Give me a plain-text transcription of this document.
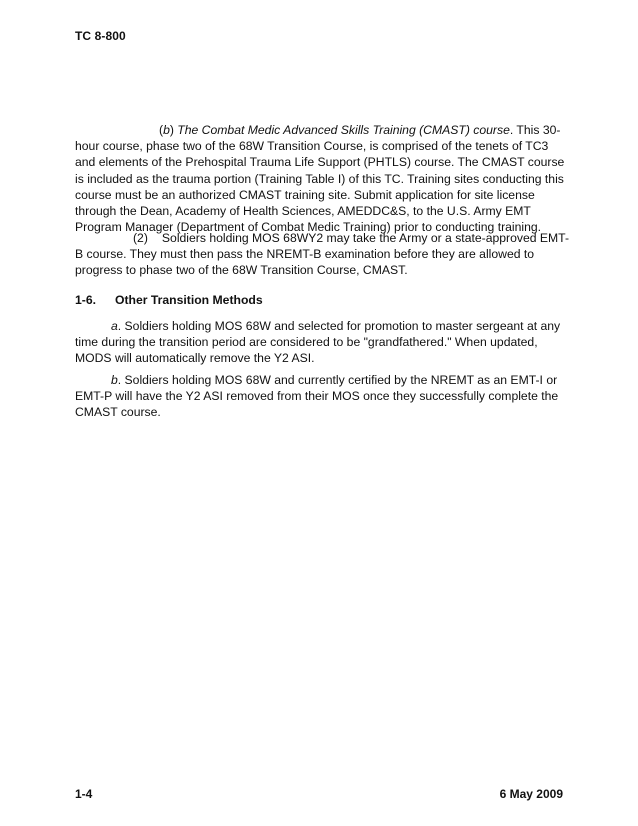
TC 8-800

(b) The Combat Medic Advanced Skills Training (CMAST) course. This 30-hour course, phase two of the 68W Transition Course, is comprised of the tenets of TC3 and elements of the Prehospital Trauma Life Support (PHTLS) course. The CMAST course is included as the trauma portion (Training Table I) of this TC. Training sites conducting this course must be an authorized CMAST training site. Submit application for site license through the Dean, Academy of Health Sciences, AMEDDC&S, to the U.S. Army EMT Program Manager (Department of Combat Medic Training) prior to conducting training.

(2) Soldiers holding MOS 68WY2 may take the Army or a state-approved EMT-B course. They must then pass the NREMT-B examination before they are allowed to progress to phase two of the 68W Transition Course, CMAST.

1-6. Other Transition Methods

a. Soldiers holding MOS 68W and selected for promotion to master sergeant at any time during the transition period are considered to be "grandfathered." When updated, MODS will automatically remove the Y2 ASI.

b. Soldiers holding MOS 68W and currently certified by the NREMT as an EMT-I or EMT-P will have the Y2 ASI removed from their MOS once they successfully complete the CMAST course.

1-4	6 May 2009
